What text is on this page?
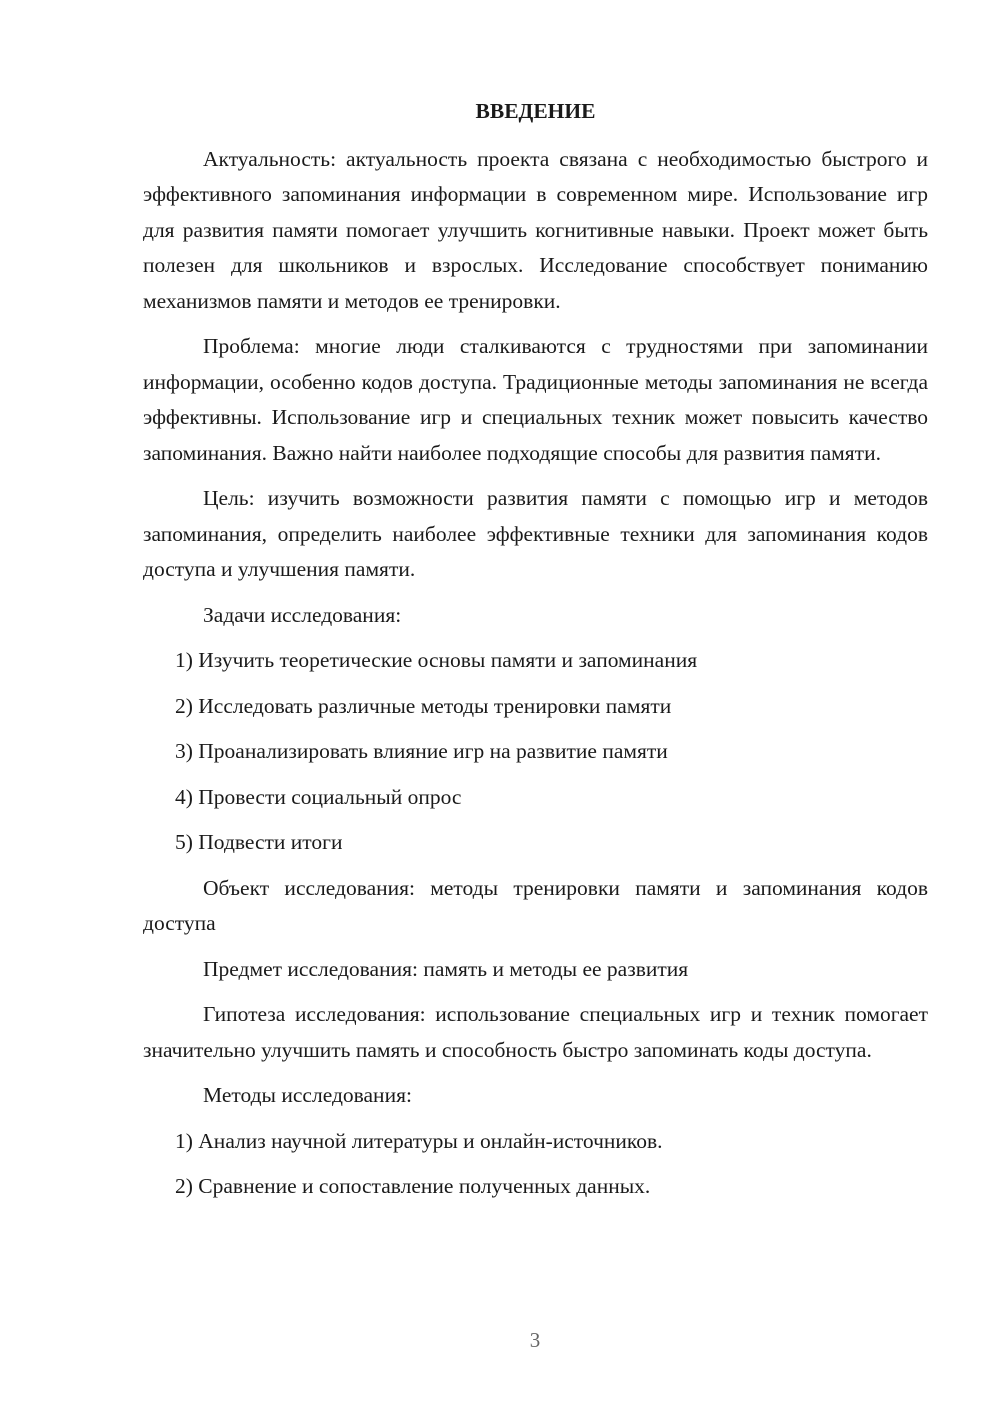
ВВЕДЕНИЕ

Актуальность: актуальность проекта связана с необходимостью быстрого и эффективного запоминания информации в современном мире. Использование игр для развития памяти помогает улучшить когнитивные навыки. Проект может быть полезен для школьников и взрослых. Исследование способствует пониманию механизмов памяти и методов ее тренировки.

Проблема: многие люди сталкиваются с трудностями при запоминании информации, особенно кодов доступа. Традиционные методы запоминания не всегда эффективны. Использование игр и специальных техник может повысить качество запоминания. Важно найти наиболее подходящие способы для развития памяти.

Цель: изучить возможности развития памяти с помощью игр и методов запоминания, определить наиболее эффективные техники для запоминания кодов доступа и улучшения памяти.

Задачи исследования:

1) Изучить теоретические основы памяти и запоминания
2) Исследовать различные методы тренировки памяти
3) Проанализировать влияние игр на развитие памяти
4) Провести социальный опрос
5) Подвести итоги

Объект исследования: методы тренировки памяти и запоминания кодов доступа

Предмет исследования: память и методы ее развития

Гипотеза исследования: использование специальных игр и техник помогает значительно улучшить память и способность быстро запоминать коды доступа.

Методы исследования:

1) Анализ научной литературы и онлайн-источников.
2) Сравнение и сопоставление полученных данных.
3
